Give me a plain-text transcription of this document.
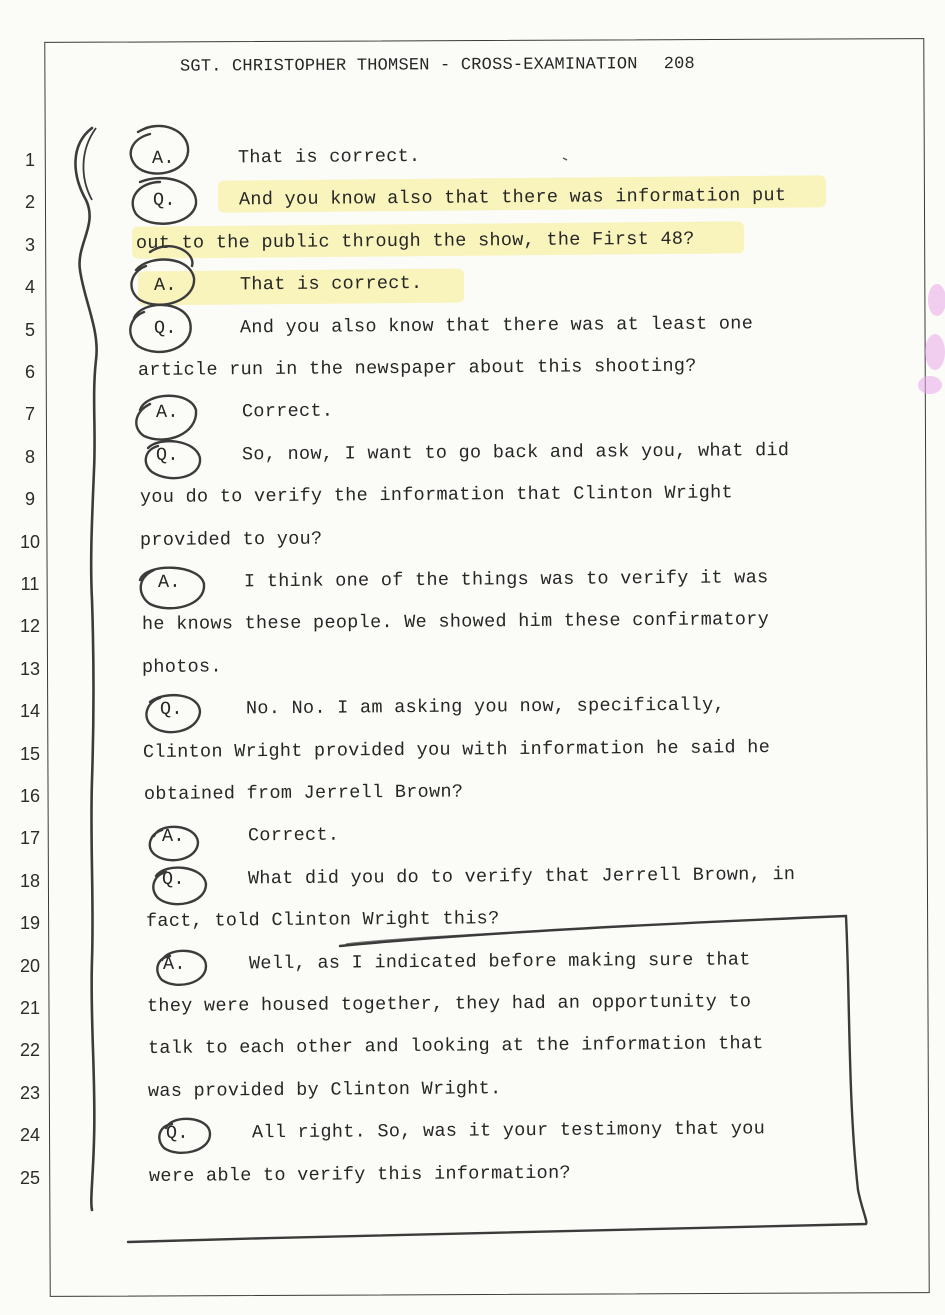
SGT. CHRISTOPHER THOMSEN - CROSS-EXAMINATION 208
1	A.	That is correct.
2	Q.	And you know also that there was information put
3	out to the public through the show, the First 48?
4	A.	That is correct.
5	Q.	And you also know that there was at least one
6	article run in the newspaper about this shooting?
7	A.	Correct.
8	Q.	So, now, I want to go back and ask you, what did
9	you do to verify the information that Clinton Wright
10	provided to you?
11	A.	I think one of the things was to verify it was
12	he knows these people. We showed him these confirmatory
13	photos.
14	Q.	No. No. I am asking you now, specifically,
15	Clinton Wright provided you with information he said he
16	obtained from Jerrell Brown?
17	A.	Correct.
18	Q.	What did you do to verify that Jerrell Brown, in
19	fact, told Clinton Wright this?
20	A.	Well, as I indicated before making sure that
21	they were housed together, they had an opportunity to
22	talk to each other and looking at the information that
23	was provided by Clinton Wright.
24	Q.	All right. So, was it your testimony that you
25	were able to verify this information?
